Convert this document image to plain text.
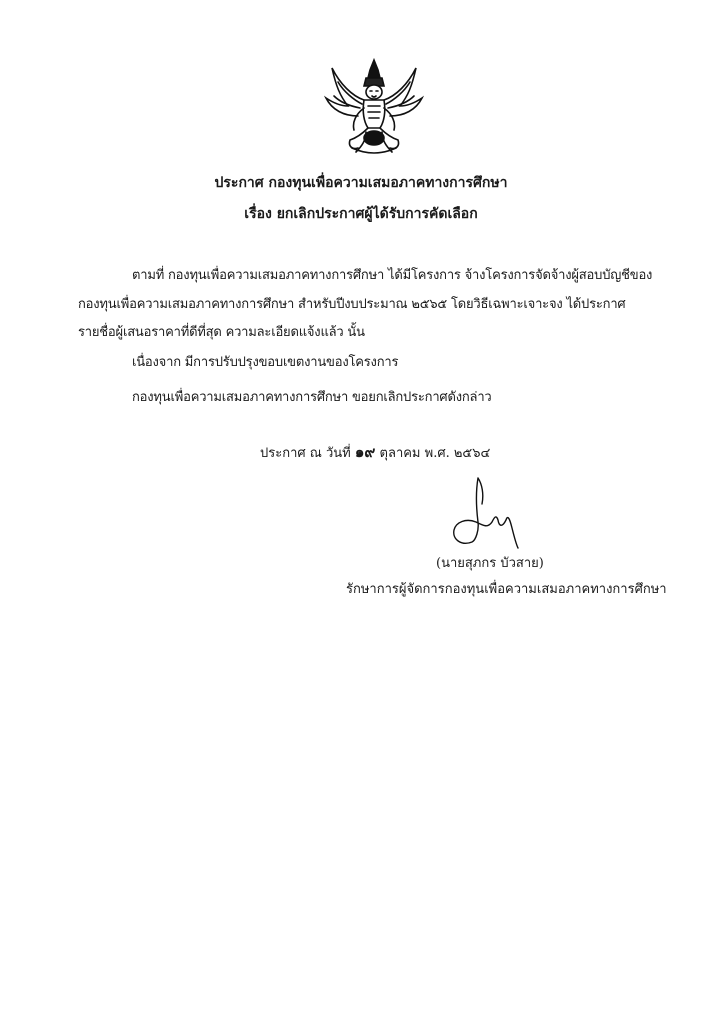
ประกาศ กองทุนเพื่อความเสมอภาคทางการศึกษา
เรื่อง ยกเลิกประกาศผู้ได้รับการคัดเลือก
ตามที่ กองทุนเพื่อความเสมอภาคทางการศึกษา ได้มีโครงการ จ้างโครงการจัดจ้างผู้สอบบัญชีของ
กองทุนเพื่อความเสมอภาคทางการศึกษา สำหรับปีงบประมาณ ๒๕๖๕ โดยวิธีเฉพาะเจาะจง ได้ประกาศ
รายชื่อผู้เสนอราคาที่ดีที่สุด ความละเอียดแจ้งแล้ว นั้น
เนื่องจาก มีการปรับปรุงขอบเขตงานของโครงการ
กองทุนเพื่อความเสมอภาคทางการศึกษา ขอยกเลิกประกาศดังกล่าว
ประกาศ ณ วันที่ ๑๙ ตุลาคม พ.ศ. ๒๕๖๔
(นายสุภกร บัวสาย)
รักษาการผู้จัดการกองทุนเพื่อความเสมอภาคทางการศึกษา
